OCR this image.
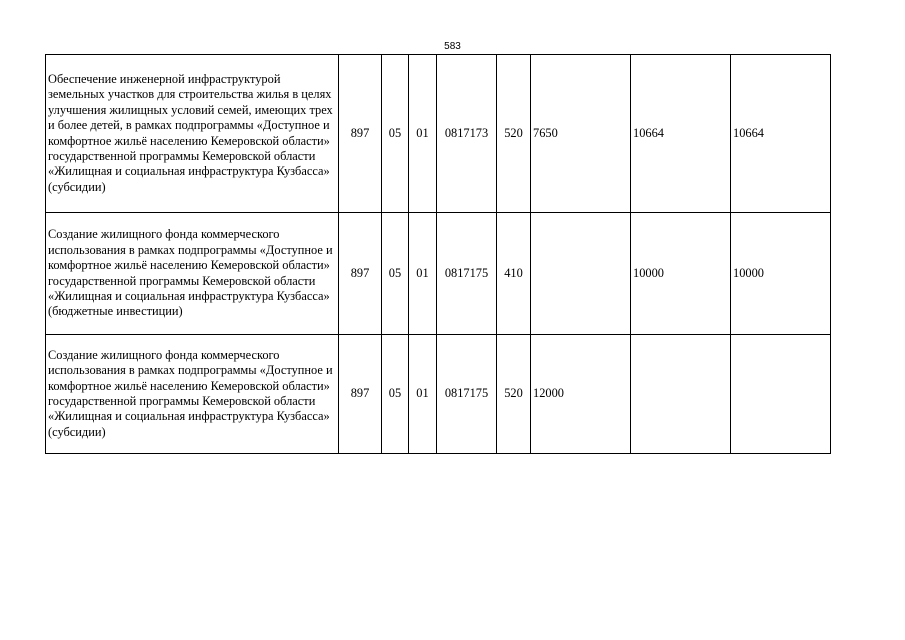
583
Обеспечение инженерной инфраструктурой земельных участков для строительства жилья в целях улучшения жилищных условий семей, имеющих трех и более детей, в рамках подпрограммы «Доступное и комфортное жильё населению Кемеровской области» государственной программы Кемеровской области «Жилищная и социальная инфраструктура Кузбасса» (субсидии)	897	05	01	0817173	520	7650	10664	10664
Создание жилищного фонда коммерческого использования в рамках подпрограммы «Доступное и комфортное жильё населению Кемеровской области» государственной программы Кемеровской области «Жилищная и социальная инфраструктура Кузбасса» (бюджетные инвестиции)	897	05	01	0817175	410		10000	10000
Создание жилищного фонда коммерческого использования в рамках подпрограммы «Доступное и комфортное жильё населению Кемеровской области» государственной программы Кемеровской области «Жилищная и социальная инфраструктура Кузбасса» (субсидии)	897	05	01	0817175	520	12000		
